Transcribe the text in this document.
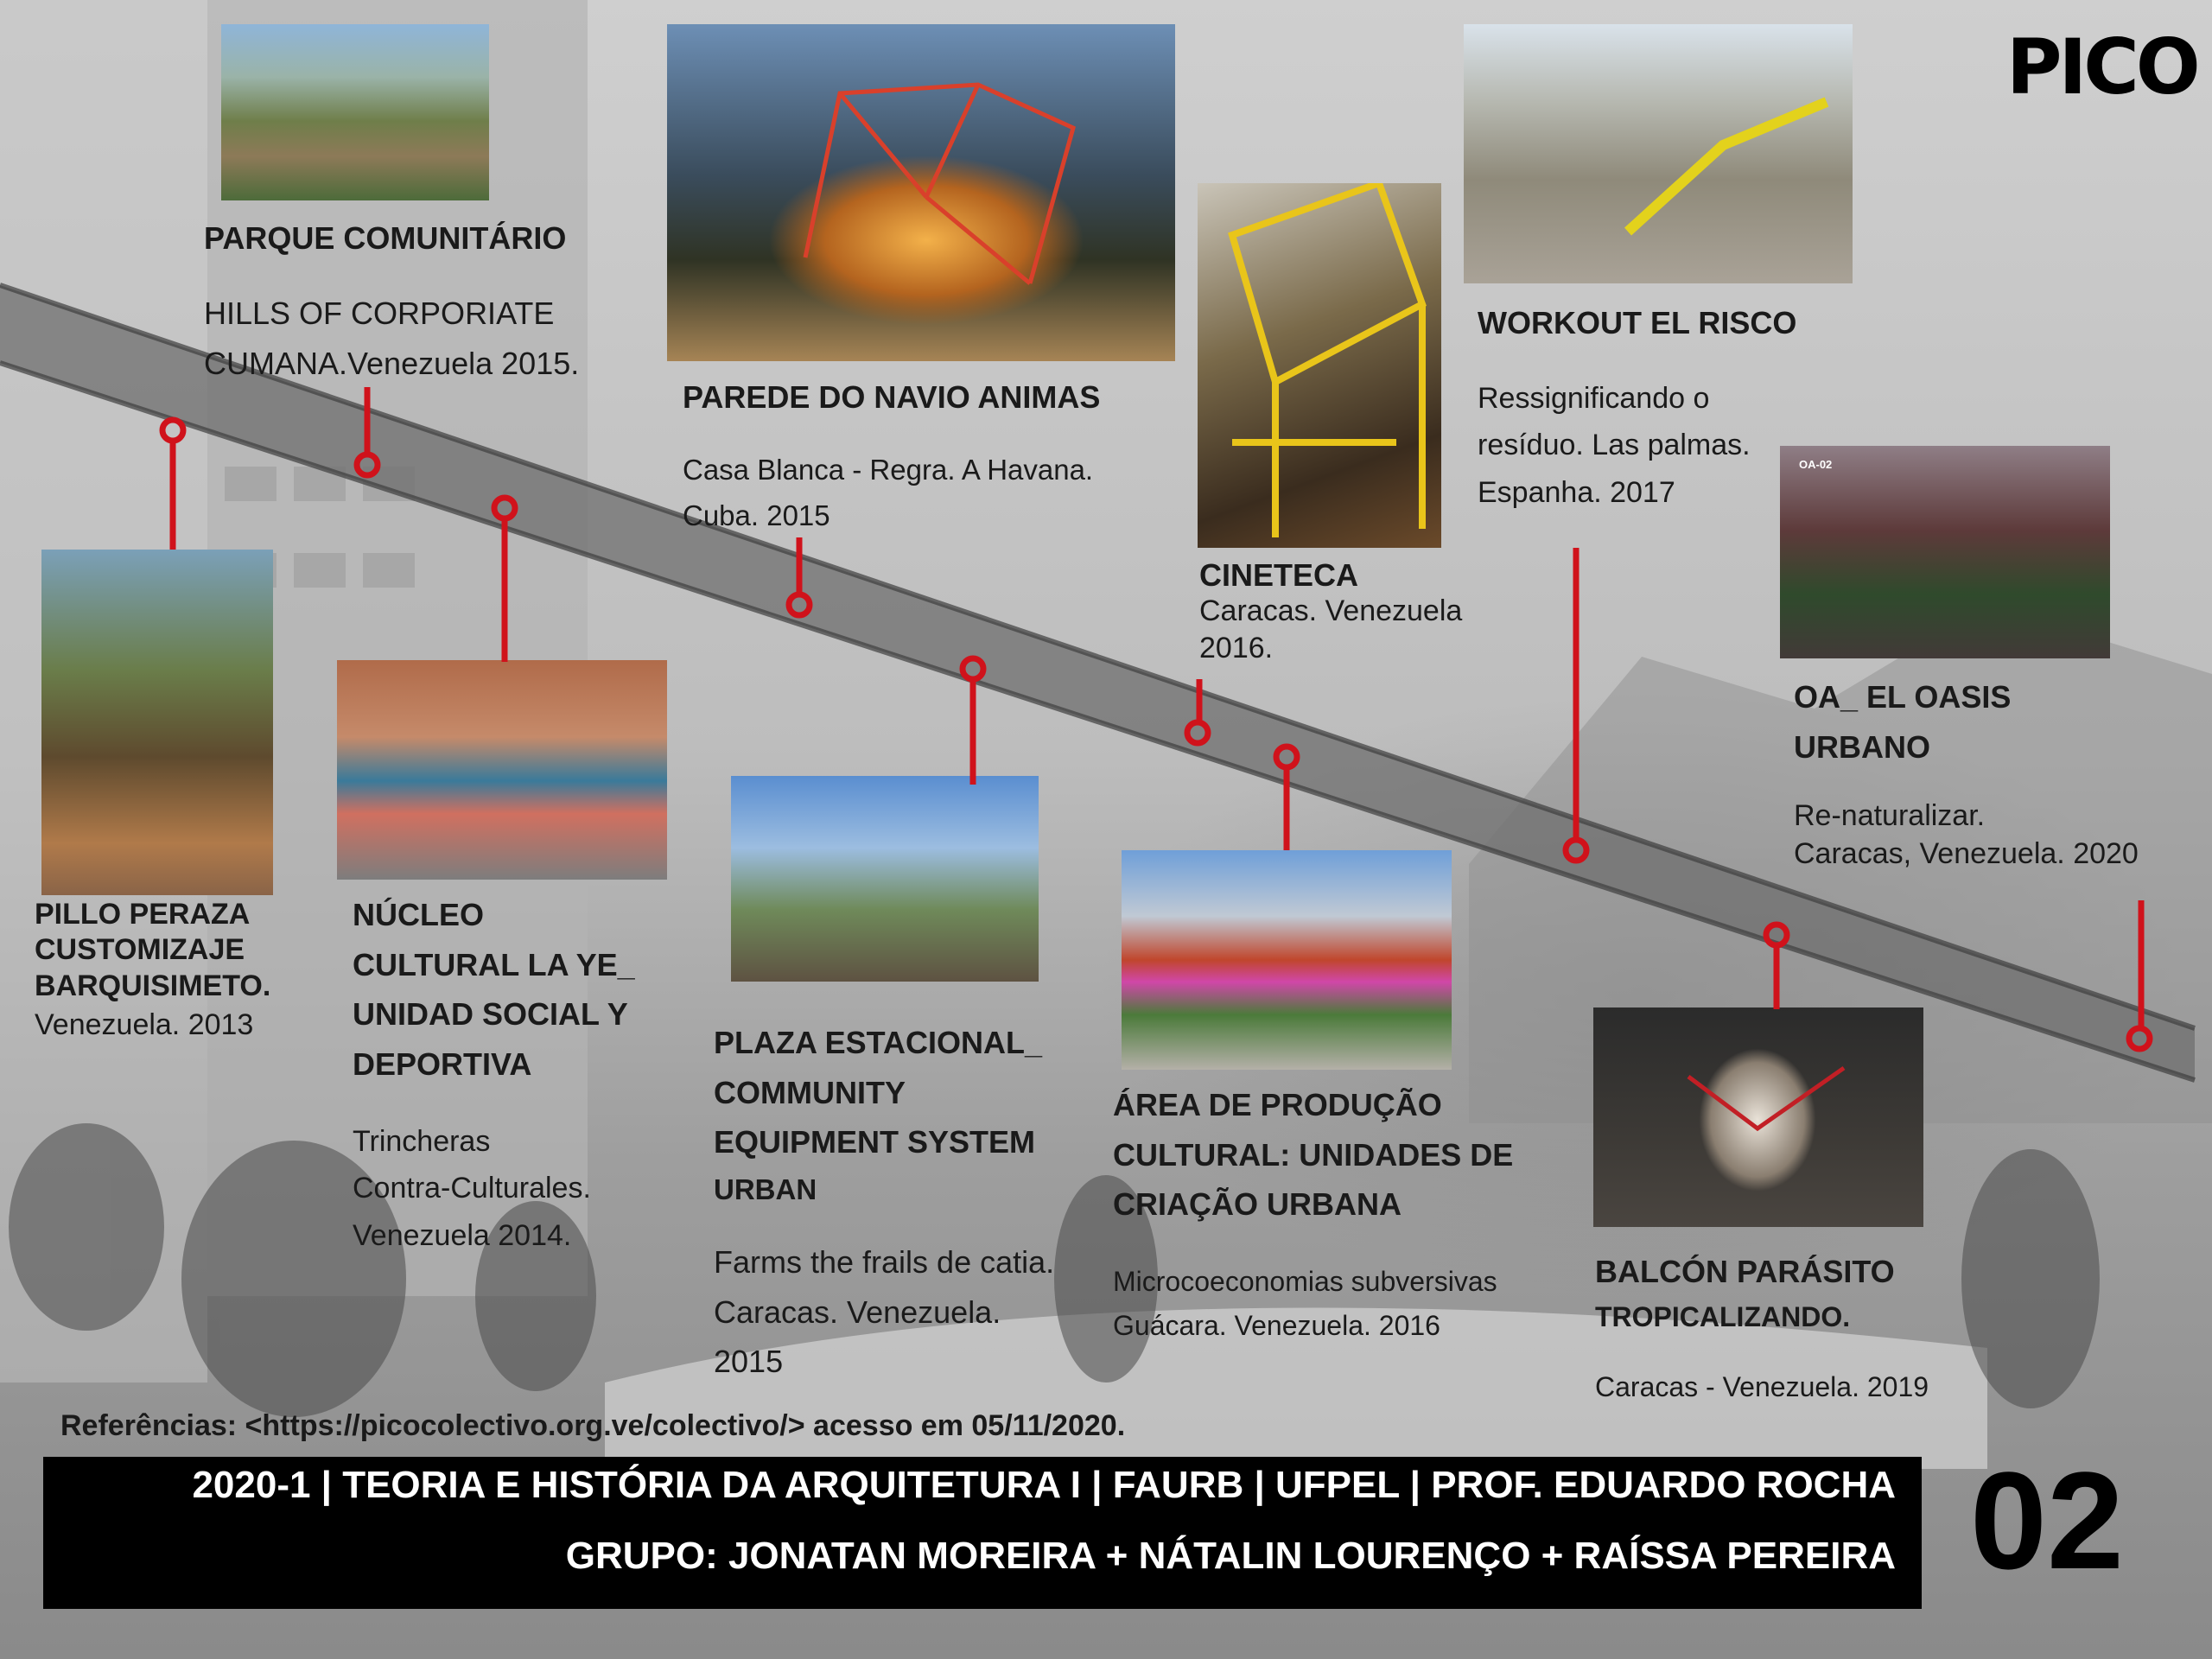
OA-02
PICO
PARQUE COMUNITÁRIO
HILLS OF CORPORIATE
CUMANA.Venezuela 2015.
PAREDE DO NAVIO ANIMAS
Casa Blanca - Regra. A Havana.
Cuba. 2015
CINETECA
Caracas. Venezuela
2016.
WORKOUT EL RISCO
Ressignificando o
resíduo. Las palmas.
Espanha. 2017
OA_ EL OASIS
URBANO
Re-naturalizar.
Caracas, Venezuela. 2020
PILLO PERAZA
CUSTOMIZAJE
BARQUISIMETO.
Venezuela. 2013
NÚCLEO
CULTURAL LA YE_
UNIDAD SOCIAL Y
DEPORTIVA
Trincheras
Contra-Culturales.
Venezuela 2014.
PLAZA ESTACIONAL_
COMMUNITY
EQUIPMENT SYSTEM
URBAN
Farms the frails de catia.
Caracas. Venezuela.
2015
ÁREA DE PRODUÇÃO
CULTURAL: UNIDADES DE
CRIAÇÃO URBANA
Microcoeconomias subversivas
Guácara. Venezuela. 2016
BALCÓN PARÁSITO
TROPICALIZANDO.
Caracas - Venezuela. 2019
Referências: <https://picocolectivo.org.ve/colectivo/> acesso em 05/11/2020.
2020-1 | TEORIA E HISTÓRIA DA ARQUITETURA I | FAURB | UFPEL | PROF. EDUARDO ROCHA
GRUPO: JONATAN MOREIRA + NÁTALIN LOURENÇO + RAÍSSA PEREIRA 02
